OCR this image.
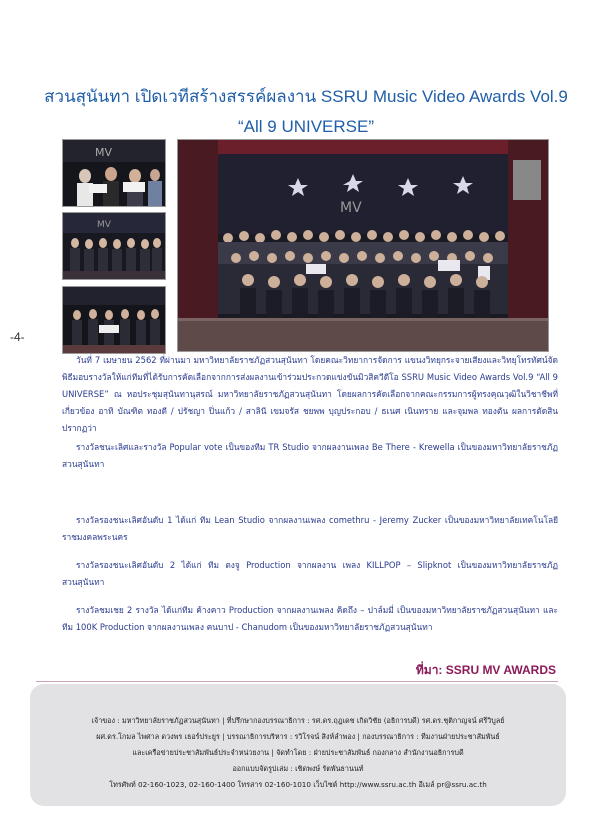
สวนสุนันทา เปิดเวทีสร้างสรรค์ผลงาน SSRU Music Video Awards Vol.9
“All 9 UNIVERSE”
MV
MV
MV
-4-

วันที่ 7 เมษายน 2562 ที่ผ่านมา มหาวิทยาลัยราชภัฏสวนสุนันทา โดยคณะวิทยาการจัดการ แขนงวิทยุกระจายเสียงและวิทยุโทรทัศน์จัดพิธีมอบรางวัลให้แก่ทีมที่ได้รับการคัดเลือกจากการส่งผลงานเข้าร่วมประกวดแข่งขันมิวสิควีดีโอ SSRU Music Video Awards Vol.9 “All 9 UNIVERSE” ณ หอประชุมสุนันทานุสรณ์ มหาวิทยาลัยราชภัฏสวนสุนันทา โดยผลการคัดเลือกจากคณะกรรมการผู้ทรงคุณวุฒิในวิชาชีพที่เกี่ยวข้อง อาทิ บัณฑิต ทองดี / ปรัชญา ปิ่นแก้ว / สาลินี เขมจรัส ชยพพ บุญประกอบ / ธเนศ เนินทราย และจุมพล ทองตัน ผลการตัดสินปรากฏว่า

รางวัลชนะเลิศและรางวัล Popular vote เป็นของทีม TR Studio จากผลงานเพลง Be There - Krewella เป็นของมหาวิทยาลัยราชภัฏสวนสุนันทา

รางวัลรองชนะเลิศอันดับ 1 ได้แก่ ทีม Lean Studio จากผลงานเพลง comethru - Jeremy Zucker เป็นของมหาวิทยาลัยเทคโนโลยีราชมงคลพระนคร

รางวัลรองชนะเลิศอันดับ 2 ได้แก่ ทีม ตงจู Production จากผลงาน เพลง KILLPOP – Slipknot เป็นของมหาวิทยาลัยราชภัฏสวนสุนันทา

รางวัลชมเชย 2 รางวัล ได้แก่ทีม ค้างคาว Production จากผลงานเพลง คิดถึง – ปาล์มมี่ เป็นของมหาวิทยาลัยราชภัฏสวนสุนันทา และทีม 100K Production จากผลงานเพลง คนบาป - Chanudom เป็นของมหาวิทยาลัยราชภัฏสวนสุนันทา

ที่มา: SSRU MV AWARDS
เจ้าของ : มหาวิทยาลัยราชภัฏสวนสุนันทา | ที่ปรึกษากองบรรณาธิการ : รศ.ดร.ฤฎเดช เกิดวิชัย (อธิการบดี) รศ.ดร.ชุติกาญจน์ ศรีวิบูลย์
ผศ.ดร.โกมล ไพศาล ดวงพร เธอร์ประยูร | บรรณาธิการบริหาร : รวิโรจน์ สิงห์ลำพอง | กองบรรณาธิการ : ทีมงานฝ่ายประชาสัมพันธ์
และเครือข่ายประชาสัมพันธ์ประจำหน่วยงาน | จัดทำโดย : ฝ่ายประชาสัมพันธ์ กองกลาง สำนักงานอธิการบดี
ออกแบบจัดรูปเล่ม : เชิดพงษ์ รัตพันธานนท์
โทรศัพท์ 02-160-1023, 02-160-1400 โทรสาร 02-160-1010 เว็บไซต์ http://www.ssru.ac.th อีเมล์ pr@ssru.ac.th
